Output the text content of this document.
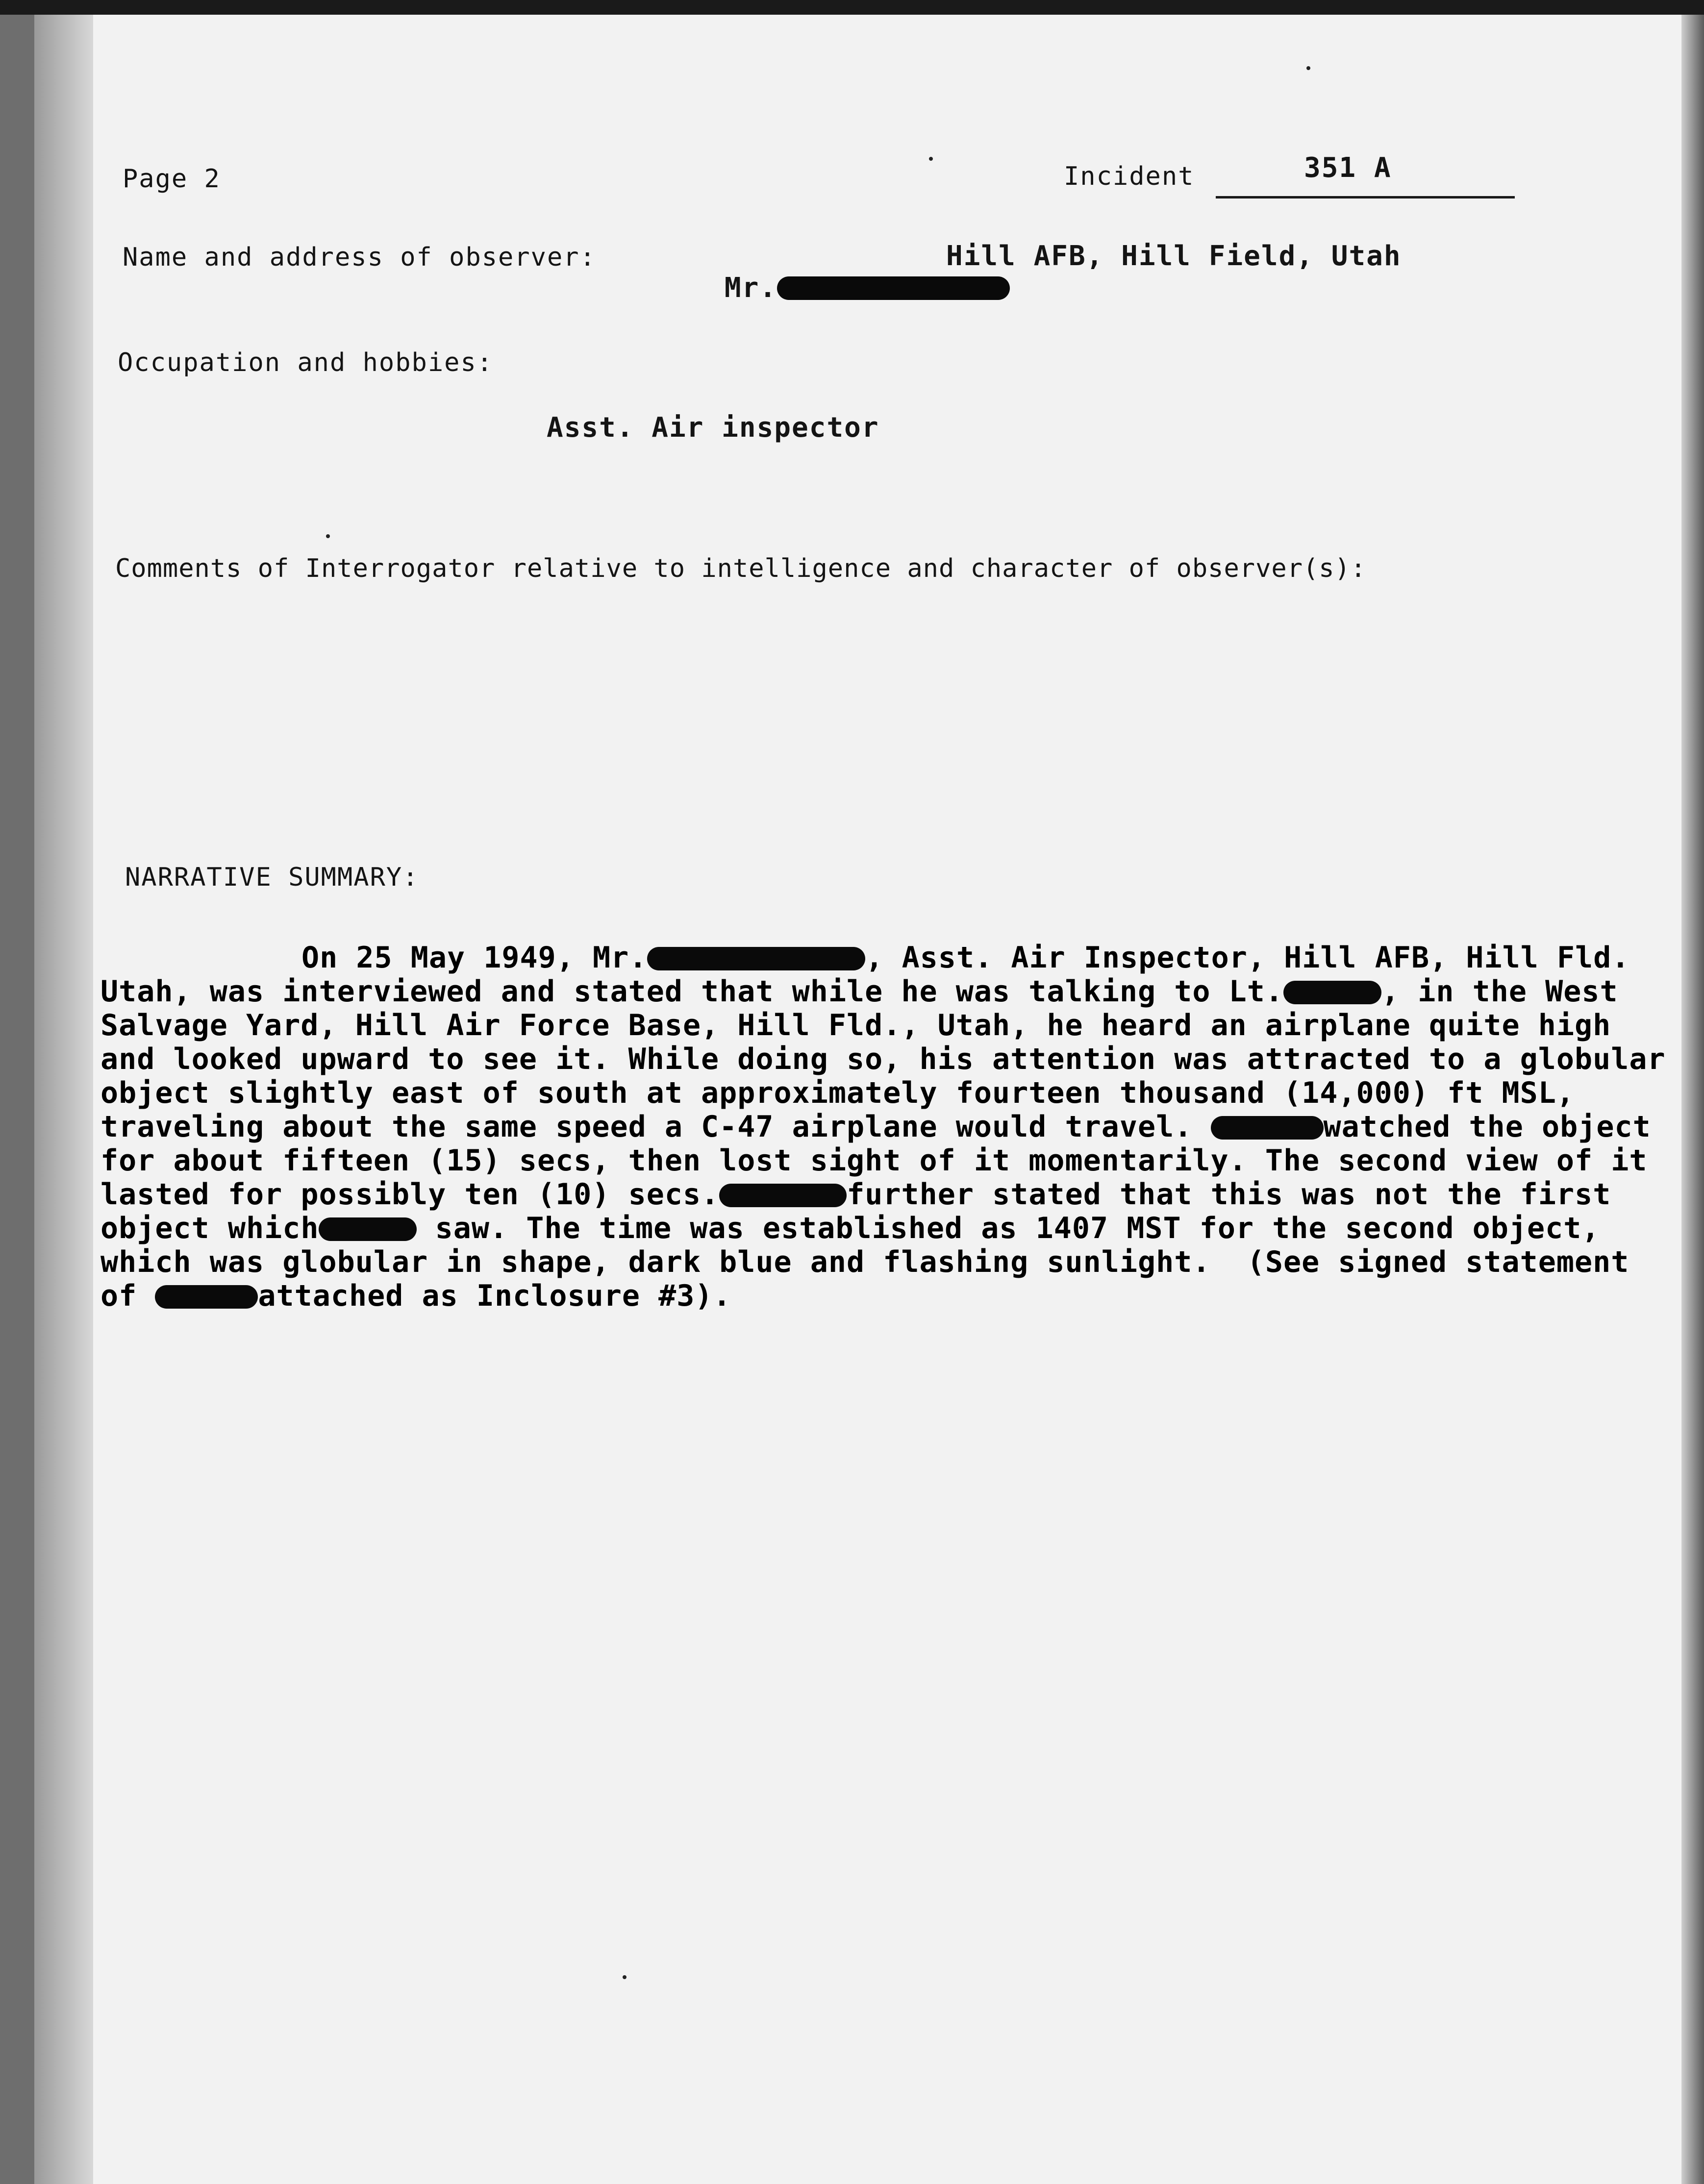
Page 2	Incident	351 A
Name and address of observer:

Mr.

Hill AFB, Hill Field, Utah
Occupation and hobbies:
Asst. Air inspector
Comments of Interrogator relative to intelligence and character of observer(s):
NARRATIVE SUMMARY:
On 25 May 1949, Mr.	, Asst. Air Inspector, Hill AFB, Hill Fld.
Utah, was interviewed and stated that while he was talking to Lt.	, in the West
Salvage Yard, Hill Air Force Base, Hill Fld., Utah, he heard an airplane quite high
and looked upward to see it. While doing so, his attention was attracted to a globular
object slightly east of south at approximately fourteen thousand (14,000) ft MSL,
traveling about the same speed a C-47 airplane would travel.	watched the object
for about fifteen (15) secs, then lost sight of it momentarily. The second view of it
lasted for possibly ten (10) secs.	further stated that this was not the first
object which	saw. The time was established as 1407 MST for the second object,
which was globular in shape, dark blue and flashing sunlight.  (See signed statement
of	attached as Inclosure #3).
